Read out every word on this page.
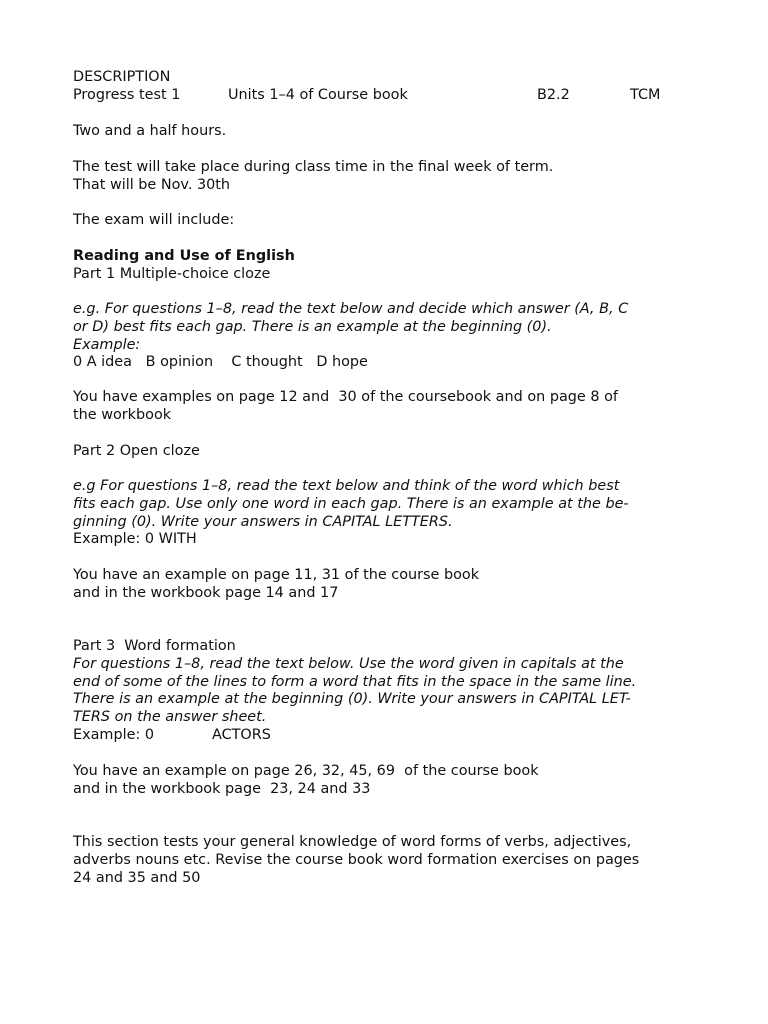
DESCRIPTION
Progress test 1	Units 1–4 of Course book	B2.2	TCM
Two and a half hours.
The test will take place during class time in the final week of term.
That will be Nov. 30th
The exam will include:
Reading and Use of English
Part 1 Multiple-choice cloze
e.g. For questions 1–8, read the text below and decide which answer (A, B, C
or D) best fits each gap. There is an example at the beginning (0).
Example:
0 A idea   B opinion    C thought   D hope
You have examples on page 12 and  30 of the coursebook and on page 8 of
the workbook
Part 2 Open cloze
e.g For questions 1–8, read the text below and think of the word which best
fits each gap. Use only one word in each gap. There is an example at the be-
ginning (0). Write your answers in CAPITAL LETTERS.
Example: 0 WITH
You have an example on page 11, 31 of the course book
and in the workbook page 14 and 17
Part 3  Word formation
For questions 1–8, read the text below. Use the word given in capitals at the
end of some of the lines to form a word that fits in the space in the same line.
There is an example at the beginning (0). Write your answers in CAPITAL LET-
TERS on the answer sheet.
Example: 0	ACTORS
You have an example on page 26, 32, 45, 69  of the course book
and in the workbook page  23, 24 and 33
This section tests your general knowledge of word forms of verbs, adjectives,
adverbs nouns etc. Revise the course book word formation exercises on pages
24 and 35 and 50
